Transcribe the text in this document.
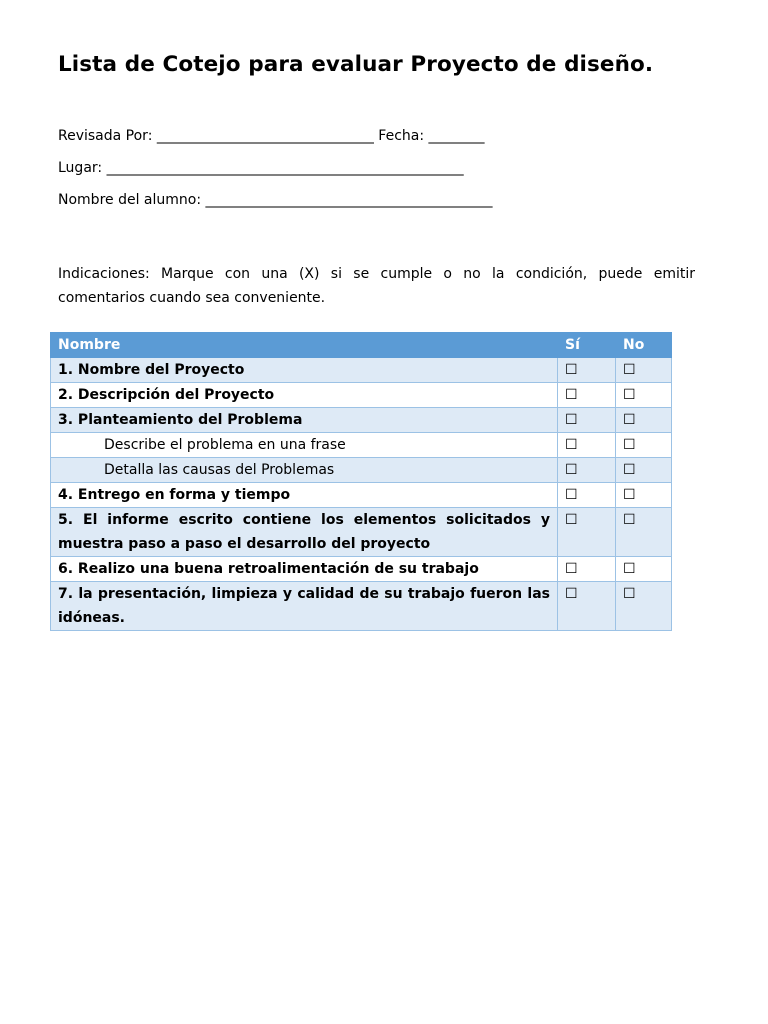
Lista de Cotejo para evaluar Proyecto de diseño.
Revisada Por: _______________________________ Fecha: ________
Lugar: ___________________________________________________
Nombre del alumno: _________________________________________
Indicaciones: Marque con una (X) si se cumple o no la condición, puede emitir comentarios cuando sea conveniente.
Nombre	Sí	No
1. Nombre del Proyecto	☐	☐
2. Descripción del Proyecto	☐	☐
3. Planteamiento del Problema	☐	☐
Describe el problema en una frase	☐	☐
Detalla las causas del Problemas	☐	☐
4. Entrego en forma y tiempo	☐	☐
5. El informe escrito contiene los elementos solicitados y muestra paso a paso el desarrollo del proyecto	☐	☐
6. Realizo una buena retroalimentación de su trabajo	☐	☐
7. la presentación, limpieza y calidad de su trabajo fueron las idóneas.	☐	☐
